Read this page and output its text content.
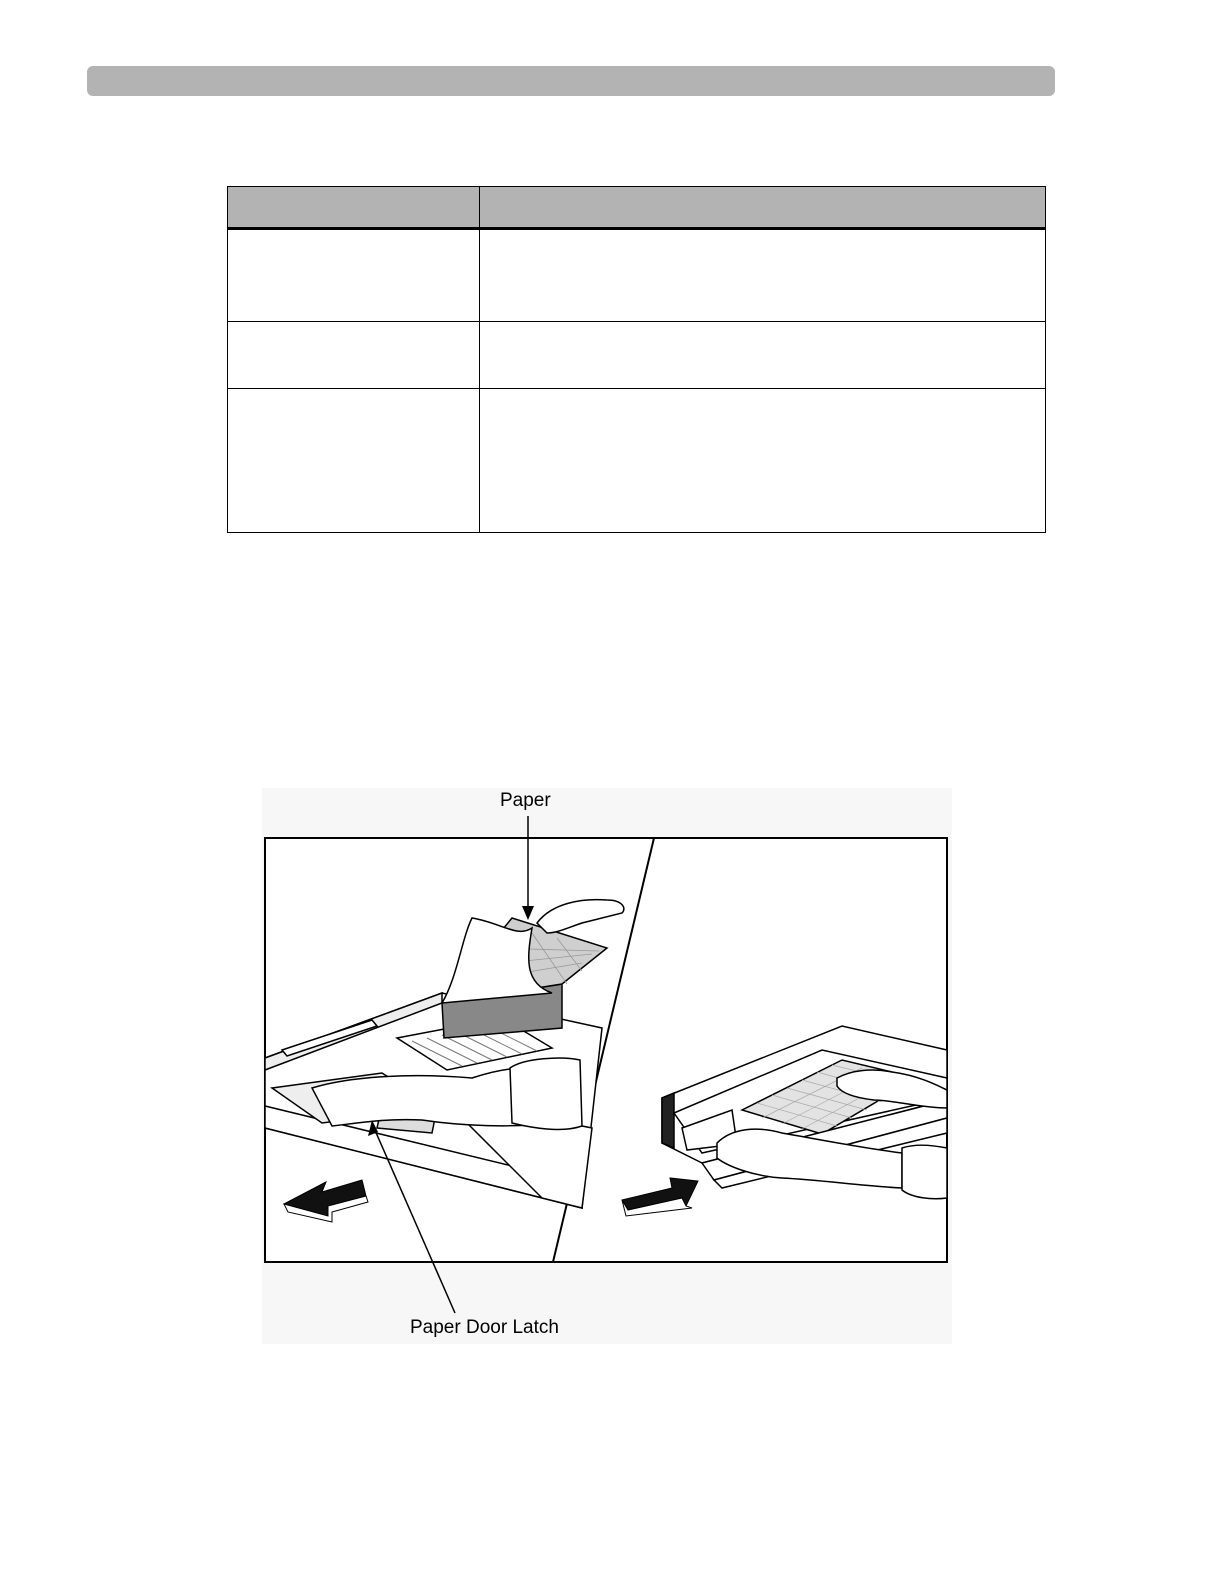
Paper
Paper Door Latch
